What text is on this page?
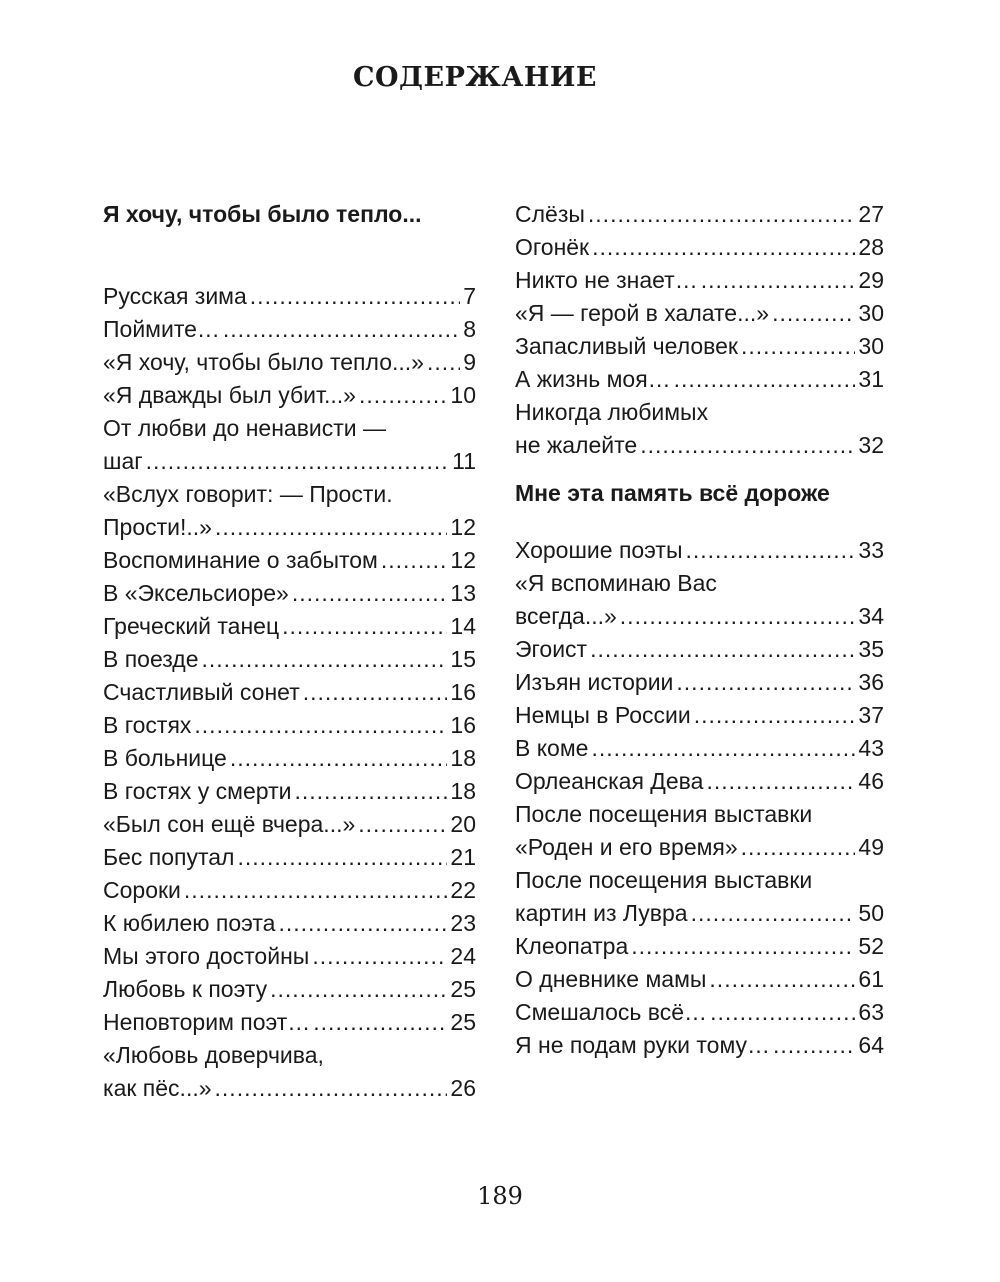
СОДЕРЖАНИЕ
Я хочу, чтобы было тепло...
Русская зима .....	7
Поймите… .....	8
«Я хочу, чтобы было тепло...» ..... 9
«Я дважды был убит...» .....	10
От любви до ненависти —
шаг .....	11
«Вслух говорит: — Прости.
Прости!..» .....	12
Воспоминание о забытом .....	12
В «Эксельсиоре» .....	13
Греческий танец .....	14
В поезде .....	15
Счастливый сонет .....	16
В гостях .....	16
В больнице .....	18
В гостях у смерти .....	18
«Был сон ещё вчера...» .....	20
Бес попутал .....	21
Сороки .....	22
К юбилею поэта .....	23
Мы этого достойны .....	24
Любовь к поэту .....	25
Неповторим поэт… .....	25
«Любовь доверчива,
как пёс...» .....	26
Слёзы .....	27
Огонёк .....	28
Никто не знает… .....	29
«Я — герой в халате...» .....	30
Запасливый человек .....	30
А жизнь моя… .....	31
Никогда любимых
не жалейте .....	32
Мне эта память всё дороже
Хорошие поэты .....	33
«Я вспоминаю Вас
всегда...» .....	34
Эгоист .....	35
Изъян истории .....	36
Немцы в России .....	37
В коме .....	43
Орлеанская Дева .....	46
После посещения выставки
«Роден и его время» .....	49
После посещения выставки
картин из Лувра .....	50
Клеопатра .....	52
О дневнике мамы .....	61
Смешалось всё… .....	63
Я не подам руки тому… .....	64
189
